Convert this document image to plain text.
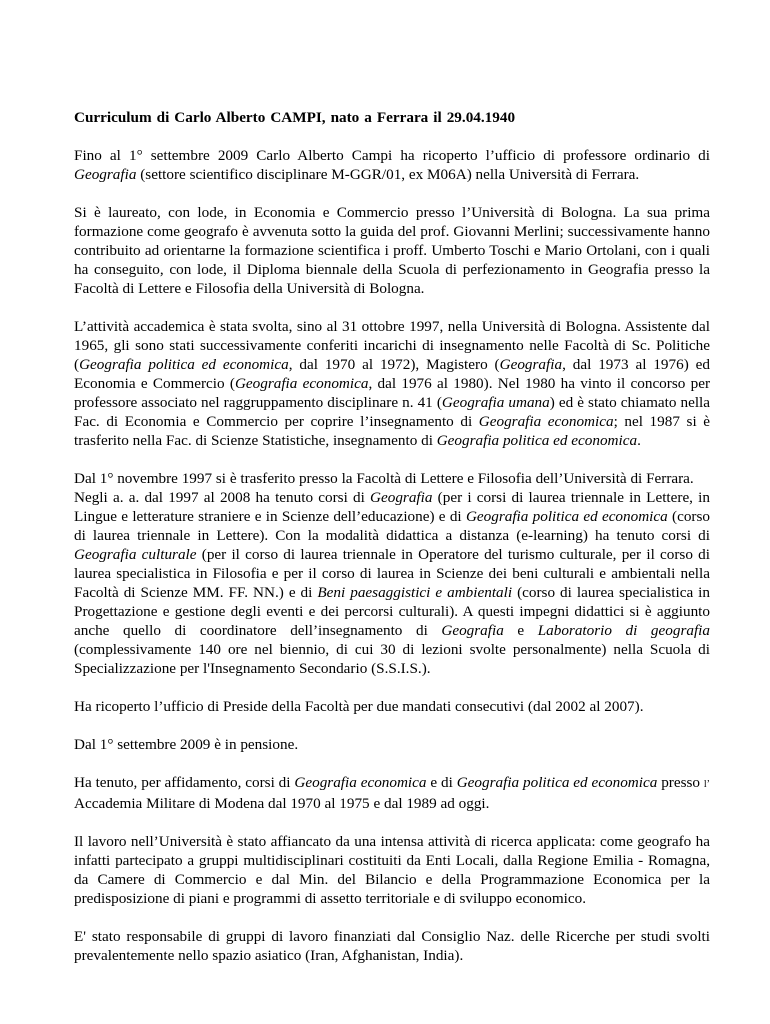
Curriculum di Carlo Alberto CAMPI, nato a Ferrara il 29.04.1940
Fino al 1° settembre 2009 Carlo Alberto Campi ha ricoperto l’ufficio di professore ordinario di Geografia (settore scientifico disciplinare M-GGR/01, ex M06A) nella Università di Ferrara.
Si è laureato, con lode, in Economia e Commercio presso l’Università di Bologna. La sua prima formazione come geografo è avvenuta sotto la guida del prof. Giovanni Merlini; successivamente hanno contribuito ad orientarne la formazione scientifica i proff. Umberto Toschi e Mario Ortolani, con i quali ha conseguito, con lode, il Diploma biennale della Scuola di perfezionamento in Geografia presso la Facoltà di Lettere e Filosofia della Università di Bologna.
L’attività accademica è stata svolta, sino al 31 ottobre 1997, nella Università di Bologna. Assistente dal 1965, gli sono stati successivamente conferiti incarichi di insegnamento nelle Facoltà di Sc. Politiche (Geografia politica ed economica, dal 1970 al 1972), Magistero (Geografia, dal 1973 al 1976) ed Economia e Commercio (Geografia economica, dal 1976 al 1980). Nel 1980 ha vinto il concorso per professore associato nel raggruppamento disciplinare n. 41 (Geografia umana) ed è stato chiamato nella Fac. di Economia e Commercio per coprire l’insegnamento di Geografia economica; nel 1987 si è trasferito nella Fac. di Scienze Statistiche, insegnamento di Geografia politica ed economica.
Dal 1° novembre 1997 si è trasferito presso la Facoltà di Lettere e Filosofia dell’Università di Ferrara.
Negli a. a. dal 1997 al 2008 ha tenuto corsi di Geografia (per i corsi di laurea triennale in Lettere, in Lingue e letterature straniere e in Scienze dell’educazione) e di Geografia politica ed economica (corso di laurea triennale in Lettere). Con la modalità didattica a distanza (e-learning) ha tenuto corsi di Geografia culturale (per il corso di laurea triennale in Operatore del turismo culturale, per il corso di laurea specialistica in Filosofia e per il corso di laurea in Scienze dei beni culturali e ambientali nella Facoltà di Scienze MM. FF. NN.) e di Beni paesaggistici e ambientali (corso di laurea specialistica in Progettazione e gestione degli eventi e dei percorsi culturali). A questi impegni didattici si è aggiunto anche quello di coordinatore dell’insegnamento di Geografia e Laboratorio di geografia (complessivamente 140 ore nel biennio, di cui 30 di lezioni svolte personalmente) nella Scuola di Specializzazione per l'Insegnamento Secondario (S.S.I.S.).
Ha ricoperto l’ufficio di Preside della Facoltà per due mandati consecutivi (dal 2002 al 2007).
Dal 1° settembre 2009 è in pensione.
Ha tenuto, per affidamento, corsi di Geografia economica e di Geografia politica ed economica presso l’ Accademia Militare di Modena dal 1970 al 1975 e dal 1989 ad oggi.
Il lavoro nell’Università è stato affiancato da una intensa attività di ricerca applicata: come geografo ha infatti partecipato a gruppi multidisciplinari costituiti da Enti Locali, dalla Regione Emilia - Romagna, da Camere di Commercio e dal Min. del Bilancio e della Programmazione Economica per la predisposizione di piani e programmi di assetto territoriale e di sviluppo economico.
E' stato responsabile di gruppi di lavoro finanziati dal Consiglio Naz. delle Ricerche per studi svolti prevalentemente nello spazio asiatico (Iran, Afghanistan, India).
